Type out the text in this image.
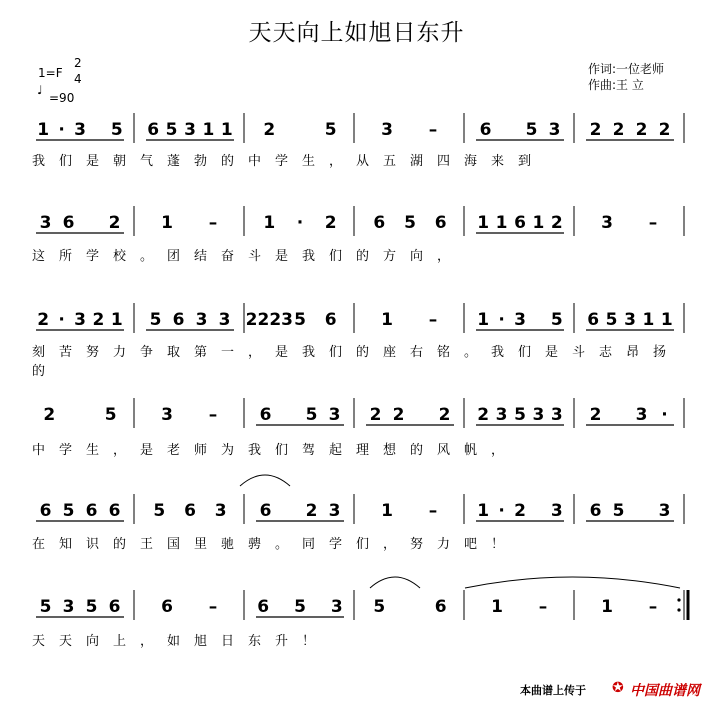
天天向上如旭日东升
1=F
2
4
♩
=90
作词:一位老师
作曲:王 立
1 · 3 5 6 5 3 1 1 2	5	3 – 6 5 3 2 2 2 2
3 6 2 1 –	1 · 2 6 5 6 1 1 6 1 2 3 –
2 · 3 2 1 5 6 3 3 2223 5 6	1 – 1 · 3 5 6 5 3 1 1
2	5	3 – 6 5 3 2 2 2 2 3 5 3 3 2 3 ·
6 5 6 6 5 6 3 6 2 3 1 – 1 · 2 3 6 5 3
5 3 5 6 6 – 6 5 3 5	6	1 –	1 –
我们是朝气蓬勃的中学生，从五湖四海来到
这所学校。团结奋斗是我们的方向，
刻苦努力争取第一，是我们的座右铭。我们是斗志昂扬的
中学生，是老师为我们驾起理想的风帆，
在知识的王国里驰骋。同学们，努力吧！
天天向上，如旭日东升！
本曲谱上传于 ✪ 中国曲谱网
